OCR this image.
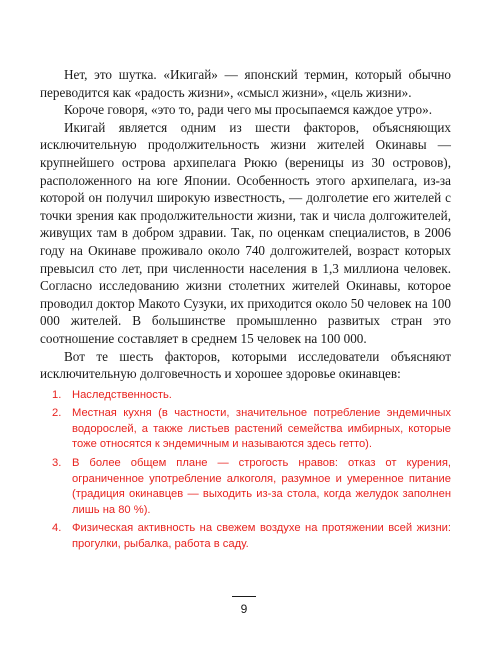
Нет, это шутка. «Икигай» — японский термин, который обычно переводится как «радость жизни», «смысл жизни», «цель жизни».

Короче говоря, «это то, ради чего мы просыпаемся каждое утро».

Икигай является одним из шести факторов, объясняющих исключительную продолжительность жизни жителей Окинавы — крупнейшего острова архипелага Рюкю (вереницы из 30 островов), расположенного на юге Японии. Особенность этого архипелага, из-за которой он получил широкую известность, — долголетие его жителей с точки зрения как продолжительности жизни, так и числа долгожителей, живущих там в добром здравии. Так, по оценкам специалистов, в 2006 году на Окинаве проживало около 740 долгожителей, возраст которых превысил сто лет, при численности населения в 1,3 миллиона человек. Согласно исследованию жизни столетних жителей Окинавы, которое проводил доктор Макото Сузуки, их приходится около 50 человек на 100 000 жителей. В большинстве промышленно развитых стран это соотношение составляет в среднем 15 человек на 100 000.

Вот те шесть факторов, которыми исследователи объясняют исключительную долговечность и хорошее здоровье окинавцев:

1. Наследственность.
2. Местная кухня (в частности, значительное потребление эндемичных водорослей, а также листьев растений семейства имбирных, которые тоже относятся к эндемичным и называются здесь гетто).
3. В более общем плане — строгость нравов: отказ от курения, ограниченное употребление алкоголя, разумное и умеренное питание (традиция окинавцев — выходить из-за стола, когда желудок заполнен лишь на 80 %).
4. Физическая активность на свежем воздухе на протяжении всей жизни: прогулки, рыбалка, работа в саду.
9
